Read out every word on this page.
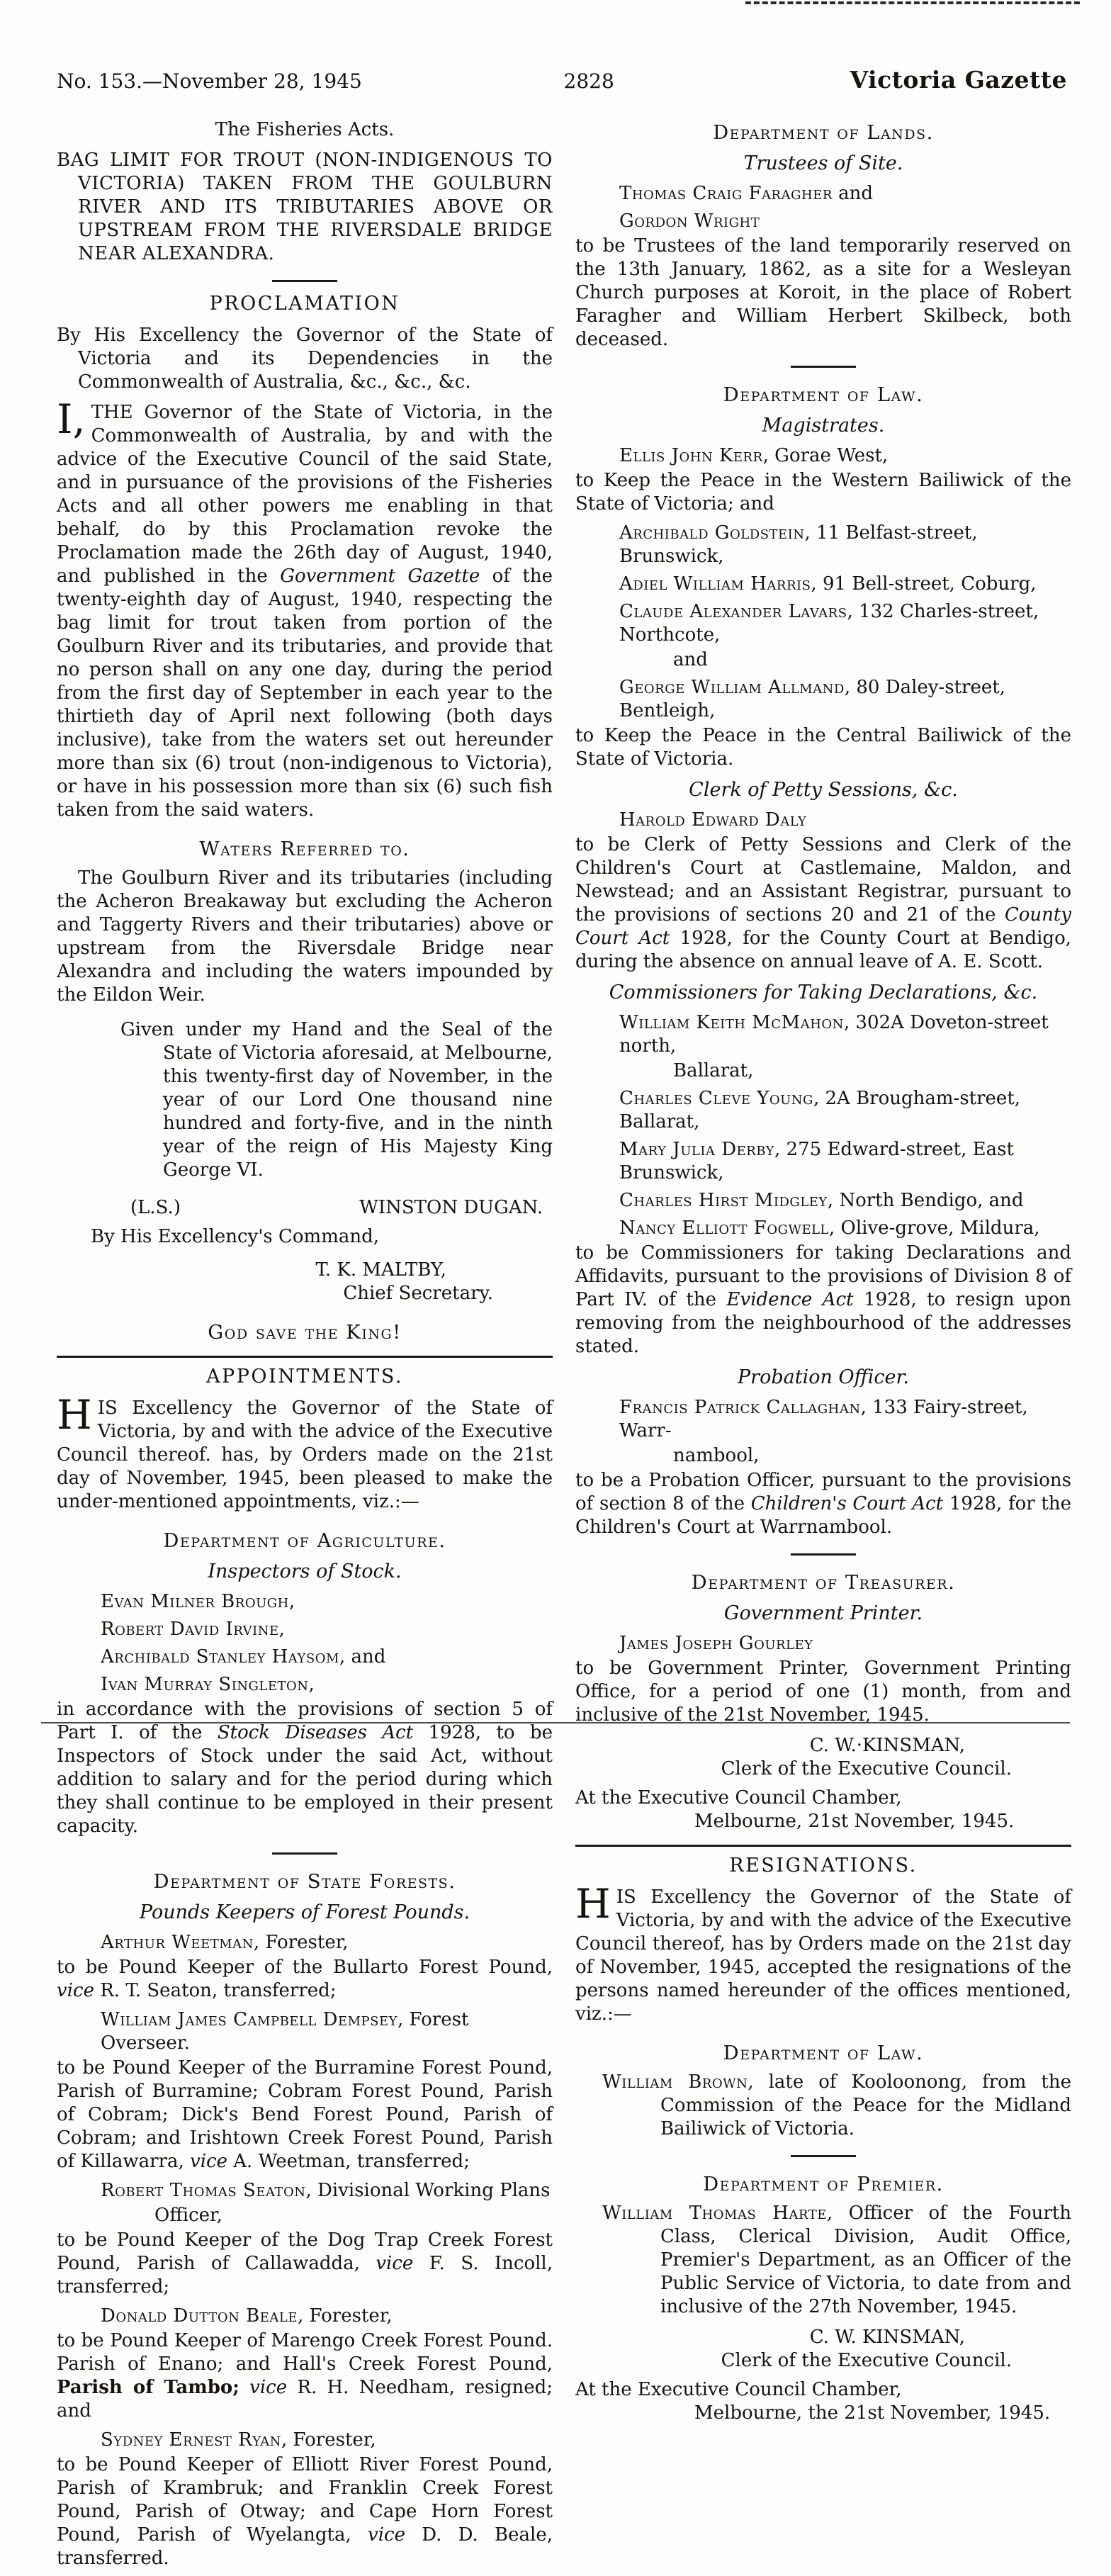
No. 153.—November 28, 1945	2828	Victoria Gazette
The Fisheries Acts.
BAG LIMIT FOR TROUT (NON-INDIGENOUS TO VICTORIA) TAKEN FROM THE GOULBURN RIVER AND ITS TRIBUTARIES ABOVE OR UPSTREAM FROM THE RIVERSDALE BRIDGE NEAR ALEXANDRA.
PROCLAMATION
By His Excellency the Governor of the State of Victoria and its Dependencies in the Commonwealth of Australia, &c., &c., &c.
I, THE Governor of the State of Victoria, in the Commonwealth of Australia, by and with the advice of the Executive Council of the said State, and in pursuance of the provisions of the Fisheries Acts and all other powers me enabling in that behalf, do by this Proclamation revoke the Proclamation made the 26th day of August, 1940, and published in the Government Gazette of the twenty-eighth day of August, 1940, respecting the bag limit for trout taken from portion of the Goulburn River and its tributaries, and provide that no person shall on any one day, during the period from the first day of September in each year to the thirtieth day of April next following (both days inclusive), take from the waters set out hereunder more than six (6) trout (non-indigenous to Victoria), or have in his possession more than six (6) such fish taken from the said waters.
Waters Referred to.
The Goulburn River and its tributaries (including the Acheron Breakaway but excluding the Acheron and Taggerty Rivers and their tributaries) above or upstream from the Riversdale Bridge near Alexandra and including the waters impounded by the Eildon Weir.
Given under my Hand and the Seal of the State of Victoria aforesaid, at Melbourne, this twenty-first day of November, in the year of our Lord One thousand nine hundred and forty-five, and in the ninth year of the reign of His Majesty King George VI.
(L.S.)	WINSTON DUGAN.
By His Excellency's Command,
T. K. MALTBY,
Chief Secretary.
God save the King!
APPOINTMENTS.
HIS Excellency the Governor of the State of Victoria, by and with the advice of the Executive Council thereof. has, by Orders made on the 21st day of November, 1945, been pleased to make the under-mentioned appointments, viz.:—
Department of Agriculture.
Inspectors of Stock.
Evan Milner Brough,
Robert David Irvine,
Archibald Stanley Haysom, and
Ivan Murray Singleton,
in accordance with the provisions of section 5 of Part I. of the Stock Diseases Act 1928, to be Inspectors of Stock under the said Act, without addition to salary and for the period during which they shall continue to be employed in their present capacity.
Department of State Forests.
Pounds Keepers of Forest Pounds.
Arthur Weetman, Forester,
to be Pound Keeper of the Bullarto Forest Pound, vice R. T. Seaton, transferred;
William James Campbell Dempsey, Forest Overseer.
to be Pound Keeper of the Burramine Forest Pound, Parish of Burramine; Cobram Forest Pound, Parish of Cobram; Dick's Bend Forest Pound, Parish of Cobram; and Irishtown Creek Forest Pound, Parish of Killawarra, vice A. Weetman, transferred;
Robert Thomas Seaton, Divisional Working Plans
Officer,
to be Pound Keeper of the Dog Trap Creek Forest Pound, Parish of Callawadda, vice F. S. Incoll, transferred;
Donald Dutton Beale, Forester,
to be Pound Keeper of Marengo Creek Forest Pound. Parish of Enano; and Hall's Creek Forest Pound, Parish of Tambo; vice R. H. Needham, resigned; and
Sydney Ernest Ryan, Forester,
to be Pound Keeper of Elliott River Forest Pound, Parish of Krambruk; and Franklin Creek Forest Pound, Parish of Otway; and Cape Horn Forest Pound, Parish of Wyelangta, vice D. D. Beale, transferred.
Department of Lands.
Trustees of Site.
Thomas Craig Faragher and
Gordon Wright
to be Trustees of the land temporarily reserved on the 13th January, 1862, as a site for a Wesleyan Church purposes at Koroit, in the place of Robert Faragher and William Herbert Skilbeck, both deceased.
Department of Law.
Magistrates.
Ellis John Kerr, Gorae West,
to Keep the Peace in the Western Bailiwick of the State of Victoria; and
Archibald Goldstein, 11 Belfast-street, Brunswick,
Adiel William Harris, 91 Bell-street, Coburg,
Claude Alexander Lavars, 132 Charles-street, Northcote,
and
George William Allmand, 80 Daley-street, Bentleigh,
to Keep the Peace in the Central Bailiwick of the State of Victoria.
Clerk of Petty Sessions, &c.
Harold Edward Daly
to be Clerk of Petty Sessions and Clerk of the Children's Court at Castlemaine, Maldon, and Newstead; and an Assistant Registrar, pursuant to the provisions of sections 20 and 21 of the County Court Act 1928, for the County Court at Bendigo, during the absence on annual leave of A. E. Scott.
Commissioners for Taking Declarations, &c.
William Keith McMahon, 302A Doveton-street north,
Ballarat,
Charles Cleve Young, 2A Brougham-street, Ballarat,
Mary Julia Derby, 275 Edward-street, East Brunswick,
Charles Hirst Midgley, North Bendigo, and
Nancy Elliott Fogwell, Olive-grove, Mildura,
to be Commissioners for taking Declarations and Affidavits, pursuant to the provisions of Division 8 of Part IV. of the Evidence Act 1928, to resign upon removing from the neighbourhood of the addresses stated.
Probation Officer.
Francis Patrick Callaghan, 133 Fairy-street, Warr-
nambool,
to be a Probation Officer, pursuant to the provisions of section 8 of the Children's Court Act 1928, for the Children's Court at Warrnambool.
Department of Treasurer.
Government Printer.
James Joseph Gourley
to be Government Printer, Government Printing Office, for a period of one (1) month, from and inclusive of the 21st November, 1945.
C. W.·KINSMAN,
Clerk of the Executive Council.
At the Executive Council Chamber,
Melbourne, 21st November, 1945.
RESIGNATIONS.
HIS Excellency the Governor of the State of Victoria, by and with the advice of the Executive Council thereof, has by Orders made on the 21st day of November, 1945, accepted the resignations of the persons named hereunder of the offices mentioned, viz.:—
Department of Law.
William Brown, late of Kooloonong, from the Commission of the Peace for the Midland Bailiwick of Victoria.
Department of Premier.
William Thomas Harte, Officer of the Fourth Class, Clerical Division, Audit Office, Premier's Department, as an Officer of the Public Service of Victoria, to date from and inclusive of the 27th November, 1945.
C. W. KINSMAN,
Clerk of the Executive Council.
At the Executive Council Chamber,
Melbourne, the 21st November, 1945.
